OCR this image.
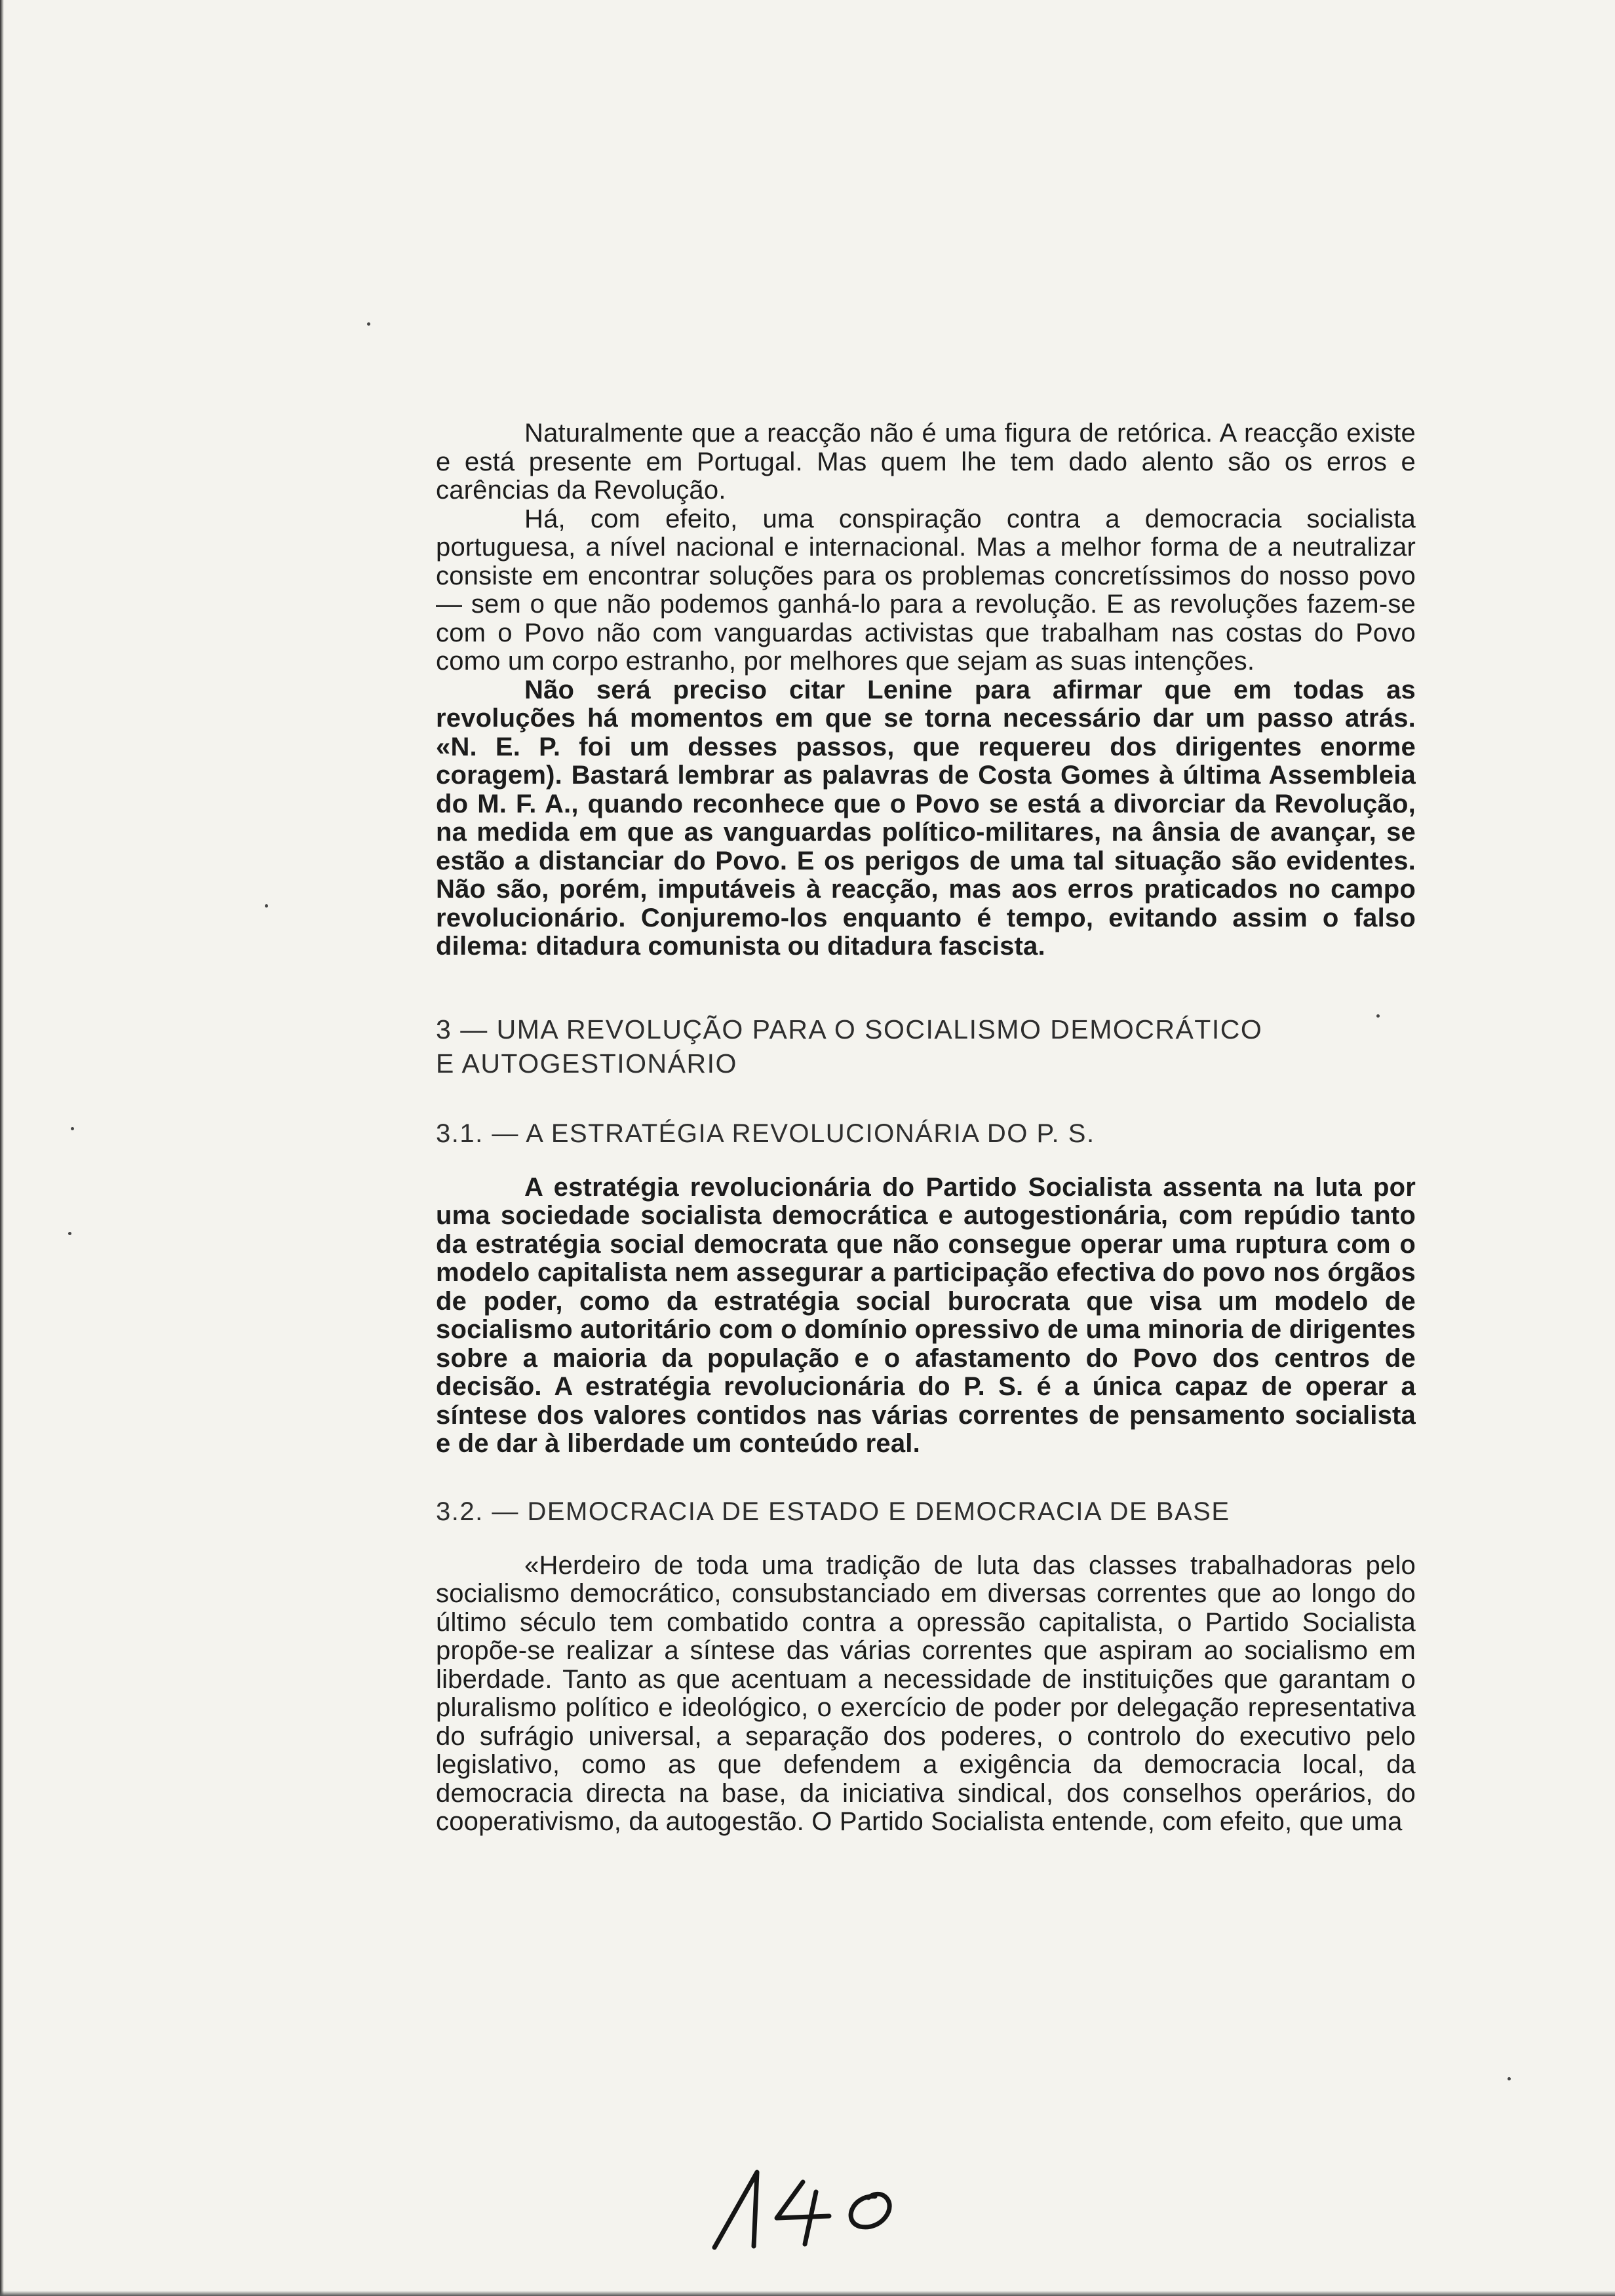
Naturalmente que a reacção não é uma figura de retórica. A reacção existe e está presente em Portugal. Mas quem lhe tem dado alento são os erros e carências da Revolução.

Há, com efeito, uma conspiração contra a democracia socialista portuguesa, a nível nacional e internacional. Mas a melhor forma de a neutralizar consiste em encontrar soluções para os problemas concretíssimos do nosso povo — sem o que não podemos ganhá-lo para a revolução. E as revoluções fazem-se com o Povo não com vanguardas activistas que trabalham nas costas do Povo como um corpo estranho, por melhores que sejam as suas intenções.

Não será preciso citar Lenine para afirmar que em todas as revoluções há momentos em que se torna necessário dar um passo atrás. «N. E. P. foi um desses passos, que requereu dos dirigentes enorme coragem). Bastará lembrar as palavras de Costa Gomes à última Assembleia do M. F. A., quando reconhece que o Povo se está a divorciar da Revolução, na medida em que as vanguardas político-militares, na ânsia de avançar, se estão a distanciar do Povo. E os perigos de uma tal situação são evidentes. Não são, porém, imputáveis à reacção, mas aos erros praticados no campo revolucionário. Conjuremo-los enquanto é tempo, evitando assim o falso dilema: ditadura comunista ou ditadura fascista.

3 — UMA REVOLUÇÃO PARA O SOCIALISMO DEMOCRÁTICO

E AUTOGESTIONÁRIO

3.1. — A ESTRATÉGIA REVOLUCIONÁRIA DO P. S.

A estratégia revolucionária do Partido Socialista assenta na luta por uma sociedade socialista democrática e autogestionária, com repúdio tanto da estratégia social democrata que não consegue operar uma ruptura com o modelo capitalista nem assegurar a participação efectiva do povo nos órgãos de poder, como da estratégia social burocrata que visa um modelo de socialismo autoritário com o domínio opressivo de uma minoria de dirigentes sobre a maioria da população e o afastamento do Povo dos centros de decisão. A estratégia revolucionária do P. S. é a única capaz de operar a síntese dos valores contidos nas várias correntes de pensamento socialista e de dar à liberdade um conteúdo real.

3.2. — DEMOCRACIA DE ESTADO E DEMOCRACIA DE BASE

«Herdeiro de toda uma tradição de luta das classes trabalhadoras pelo socialismo democrático, consubstanciado em diversas correntes que ao longo do último século tem combatido contra a opressão capitalista, o Partido Socialista propõe-se realizar a síntese das várias correntes que aspiram ao socialismo em liberdade. Tanto as que acentuam a necessidade de instituições que garantam o pluralismo político e ideológico, o exercício de poder por delegação representativa do sufrágio universal, a separação dos poderes, o controlo do executivo pelo legislativo, como as que defendem a exigência da democracia local, da democracia directa na base, da iniciativa sindical, dos conselhos operários, do cooperativismo, da autogestão. O Partido Socialista entende, com efeito, que uma
